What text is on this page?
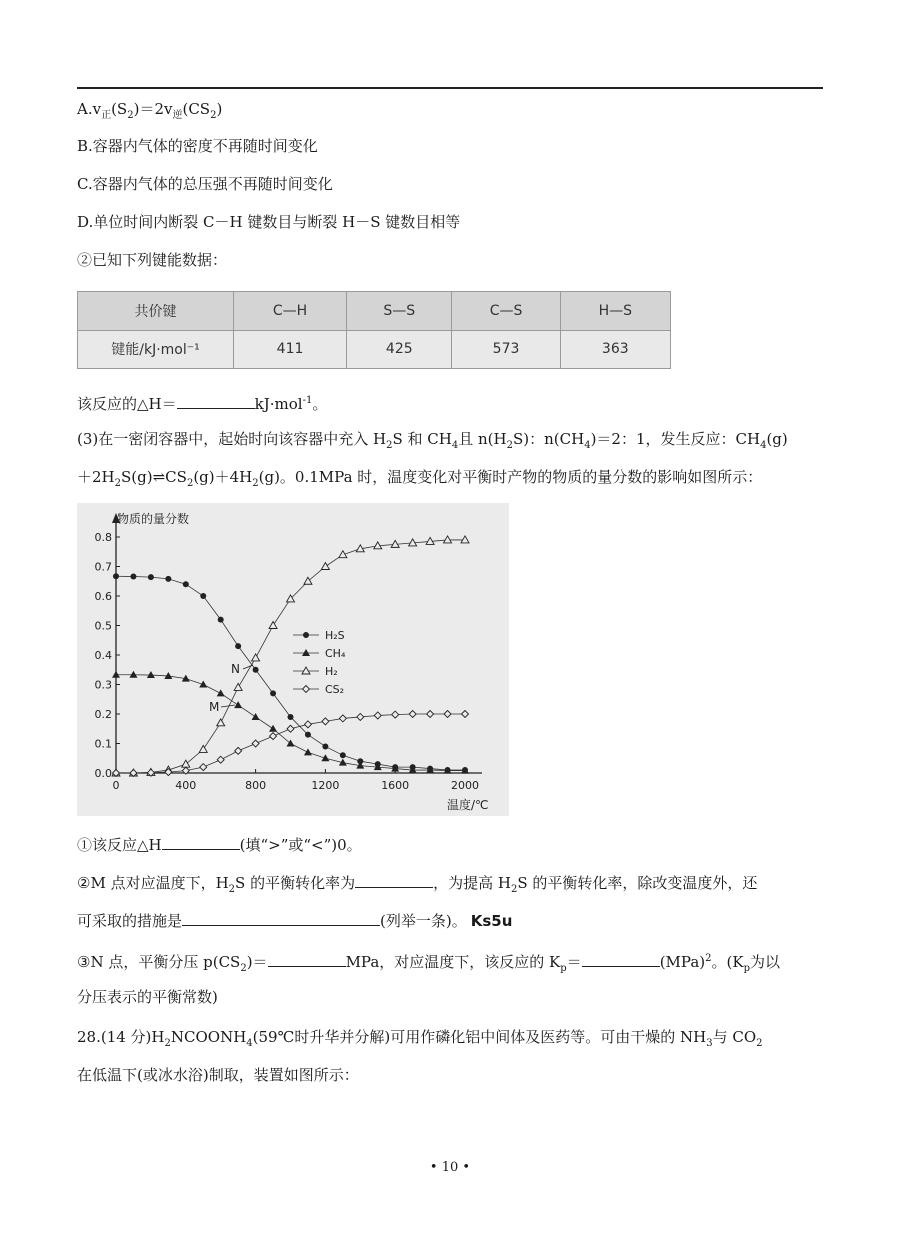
$A.v_正(S_2)=2v_逆(CS_2)$
B.容器内气体的密度不再随时间变化
C.容器内气体的总压强不再随时间变化
D.单位时间内断裂 C－H 键数目与断裂 H－S 键数目相等
②已知下列键能数据：
共价键	C—H	S—S	C—S	H—S
键能/kJ·mol⁻¹	411	425	573	363
该反应的△H＝	kJ·mol$^{-1}$。
(3)在一密闭容器中，起始时向该容器中充入 $H_2S$ 和 $CH_4$且 $n(H_2S)$：$n(CH_4)=2$：1，发生反应：$CH_4(g)$
$+2H_2S(g)\rightleftharpoons CS_2(g)+4H_2(g)$。0.1MPa 时，温度变化对平衡时产物的物质的量分数的影响如图所示：
0.0
0.1
0.2
0.3
0.4
0.5
0.6
0.7
0.8
0	400	800	1200	1600	2000
H₂S
CH₄
H₂
CS₂
物质的量分数
温度/℃
N
M
①该反应△H	(填“>”或“<”)0。
②M 点对应温度下，$H_2S$ 的平衡转化率为	，为提高 $H_2S$ 的平衡转化率，除改变温度外，还
可采取的措施是	(列举一条)。 Ks5u
③N 点，平衡分压 $p(CS_2)=$	MPa，对应温度下，该反应的 $K_p=$	(MPa)$^2$。($K_p$为以
分压表示的平衡常数)
28.(14 分)$H_2NCOONH_4(59℃$时升华并分解)可用作磷化铝中间体及医药等。可由干燥的 $NH_3$与 $CO_2$
在低温下(或冰水浴)制取，装置如图所示：
• 10 •
